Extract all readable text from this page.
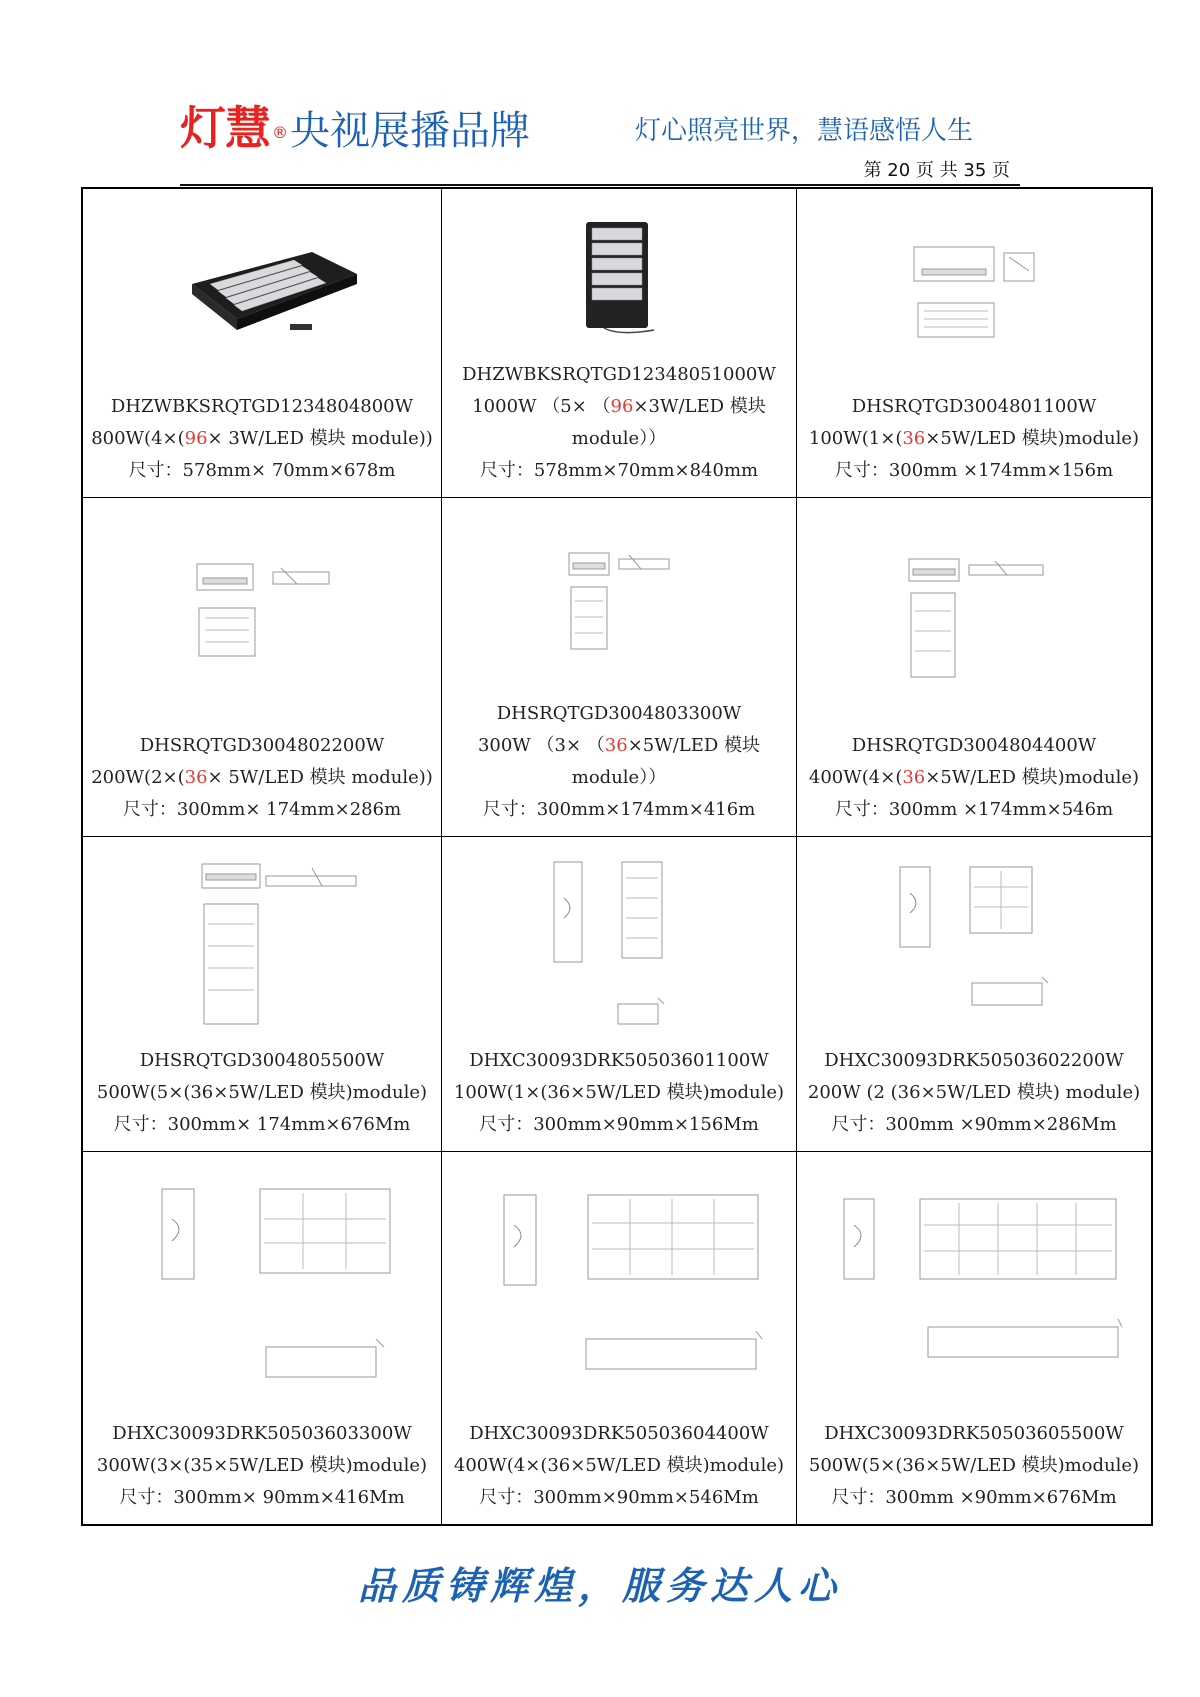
灯慧 ®央视展播品牌	灯心照亮世界，慧语感悟人生
第 20 页 共 35 页
DHZWBKSRQTGD1234804800W
800W(4×(96× 3W/LED 模块 module))
尺寸：578mm× 70mm×678m
DHZWBKSRQTGD12348051000W
1000W （5× （96×3W/LED 模块 module））
尺寸：578mm×70mm×840mm
DHSRQTGD3004801100W
100W(1×(36×5W/LED 模块)module)
尺寸：300mm ×174mm×156m
DHSRQTGD3004802200W
200W(2×(36× 5W/LED 模块 module))
尺寸：300mm× 174mm×286m
DHSRQTGD3004803300W
300W （3× （36×5W/LED 模块 module））
尺寸：300mm×174mm×416m
DHSRQTGD3004804400W
400W(4×(36×5W/LED 模块)module)
尺寸：300mm ×174mm×546m
DHSRQTGD3004805500W
500W(5×(36×5W/LED 模块)module)
尺寸：300mm× 174mm×676Mm
DHXC30093DRK50503601100W
100W(1×(36×5W/LED 模块)module)
尺寸：300mm×90mm×156Mm
DHXC30093DRK50503602200W
200W (2 (36×5W/LED 模块) module)
尺寸：300mm ×90mm×286Mm
DHXC30093DRK50503603300W
300W(3×(35×5W/LED 模块)module)
尺寸：300mm× 90mm×416Mm
DHXC30093DRK50503604400W
400W(4×(36×5W/LED 模块)module)
尺寸：300mm×90mm×546Mm
DHXC30093DRK50503605500W
500W(5×(36×5W/LED 模块)module)
尺寸：300mm ×90mm×676Mm
品质铸辉煌，服务达人心
